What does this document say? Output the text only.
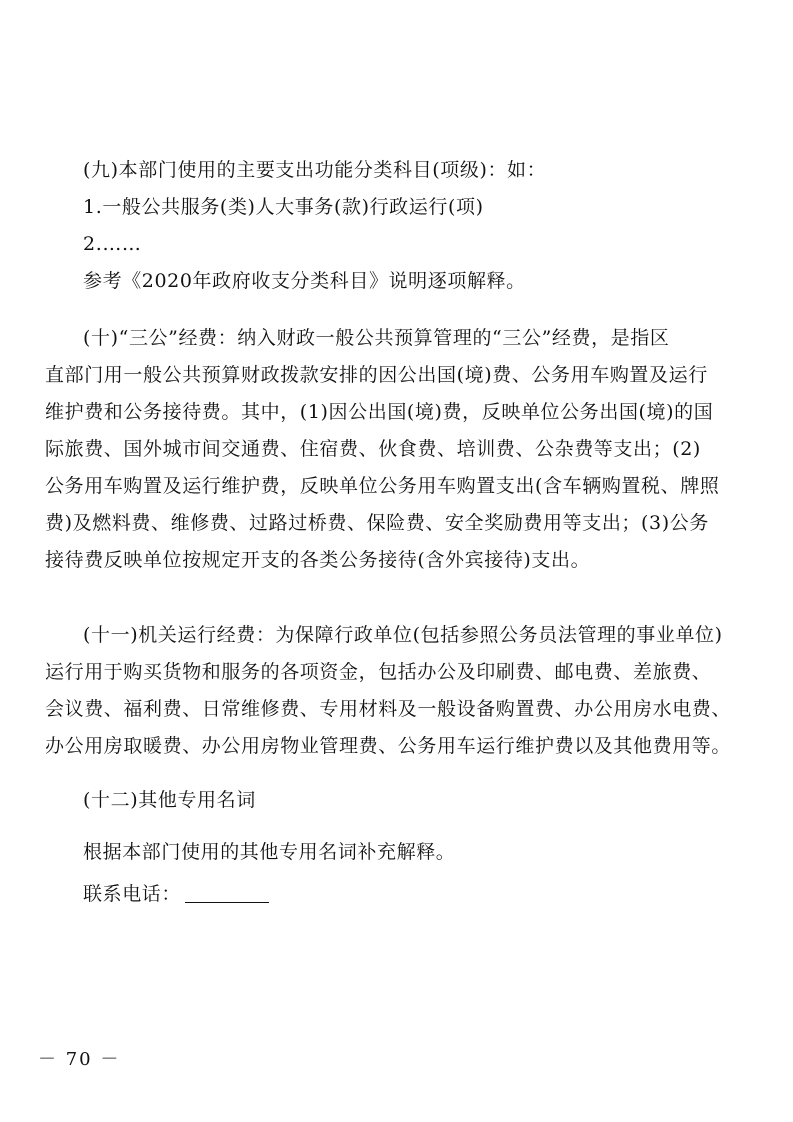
(九)本部门使用的主要支出功能分类科目(项级)：如：

1.一般公共服务(类)人大事务(款)行政运行(项)

2.……

参考《2020年政府收支分类科目》说明逐项解释。

(十)“三公”经费：纳入财政一般公共预算管理的“三公”经费，是指区
直部门用一般公共预算财政拨款安排的因公出国(境)费、公务用车购置及运行
维护费和公务接待费。其中，(1)因公出国(境)费，反映单位公务出国(境)的国
际旅费、国外城市间交通费、住宿费、伙食费、培训费、公杂费等支出；(2)
公务用车购置及运行维护费，反映单位公务用车购置支出(含车辆购置税、牌照
费)及燃料费、维修费、过路过桥费、保险费、安全奖励费用等支出；(3)公务
接待费反映单位按规定开支的各类公务接待(含外宾接待)支出。

(十一)机关运行经费：为保障行政单位(包括参照公务员法管理的事业单位)
运行用于购买货物和服务的各项资金，包括办公及印刷费、邮电费、差旅费、
会议费、福利费、日常维修费、专用材料及一般设备购置费、办公用房水电费、
办公用房取暖费、办公用房物业管理费、公务用车运行维护费以及其他费用等。

(十二)其他专用名词

根据本部门使用的其他专用名词补充解释。

联系电话：

－ 70 －
